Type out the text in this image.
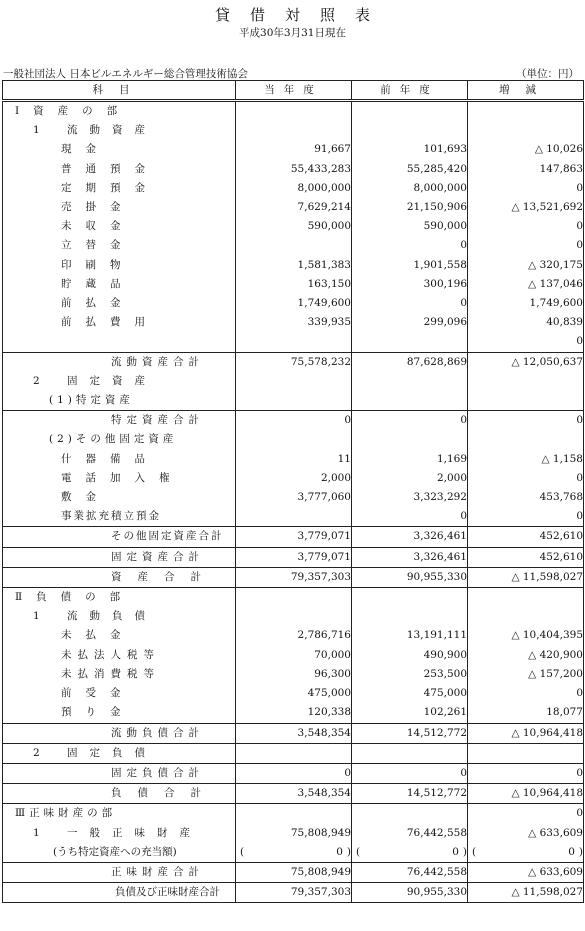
貸借対照表
平成30年3月31日現在
一般社団法人 日本ビルエネルギー総合管理技術協会	（単位：円）
科目	当年度	前年度	増減
Ⅰ資産の部			
1 流動資産			
現金	91,667	101,693	△ 10,026
普通預金	55,433,283	55,285,420	147,863
定期預金	8,000,000	8,000,000	0
売掛金	7,629,214	21,150,906	△ 13,521,692
未収金	590,000	590,000	0
立替金		0	0
印刷物	1,581,383	1,901,558	△ 320,175
貯蔵品	163,150	300,196	△ 137,046
前払金	1,749,600	0	1,749,600
前払費用	339,935	299,096	40,839
			0
流動資産合計	75,578,232	87,628,869	△ 12,050,637
2 固定資産			
(1)特定資産			
特定資産合計	0	0	0
(2)その他固定資産			
什器備品	11	1,169	△ 1,158
電話加入権	2,000	2,000	0
敷金	3,777,060	3,323,292	453,768
事業拡充積立預金		0	0
その他固定資産合計	3,779,071	3,326,461	452,610
固定資産合計	3,779,071	3,326,461	452,610
資産合計	79,357,303	90,955,330	△ 11,598,027
Ⅱ負債の部			
1 流動負債			
未払金	2,786,716	13,191,111	△ 10,404,395
未払法人税等	70,000	490,900	△ 420,900
未払消費税等	96,300	253,500	△ 157,200
前受金	475,000	475,000	0
預り金	120,338	102,261	18,077
流動負債合計	3,548,354	14,512,772	△ 10,964,418
2 固定負債			
固定負債合計	0	0	0
負債合計	3,548,354	14,512,772	△ 10,964,418
Ⅲ正味財産の部			0
1 一般正味財産	75,808,949	76,442,558	△ 633,609
(うち特定資産への充当額)	( 0 )	( 0 )	( 0 )
正味財産合計	75,808,949	76,442,558	△ 633,609
負債及び正味財産合計	79,357,303	90,955,330	△ 11,598,027
